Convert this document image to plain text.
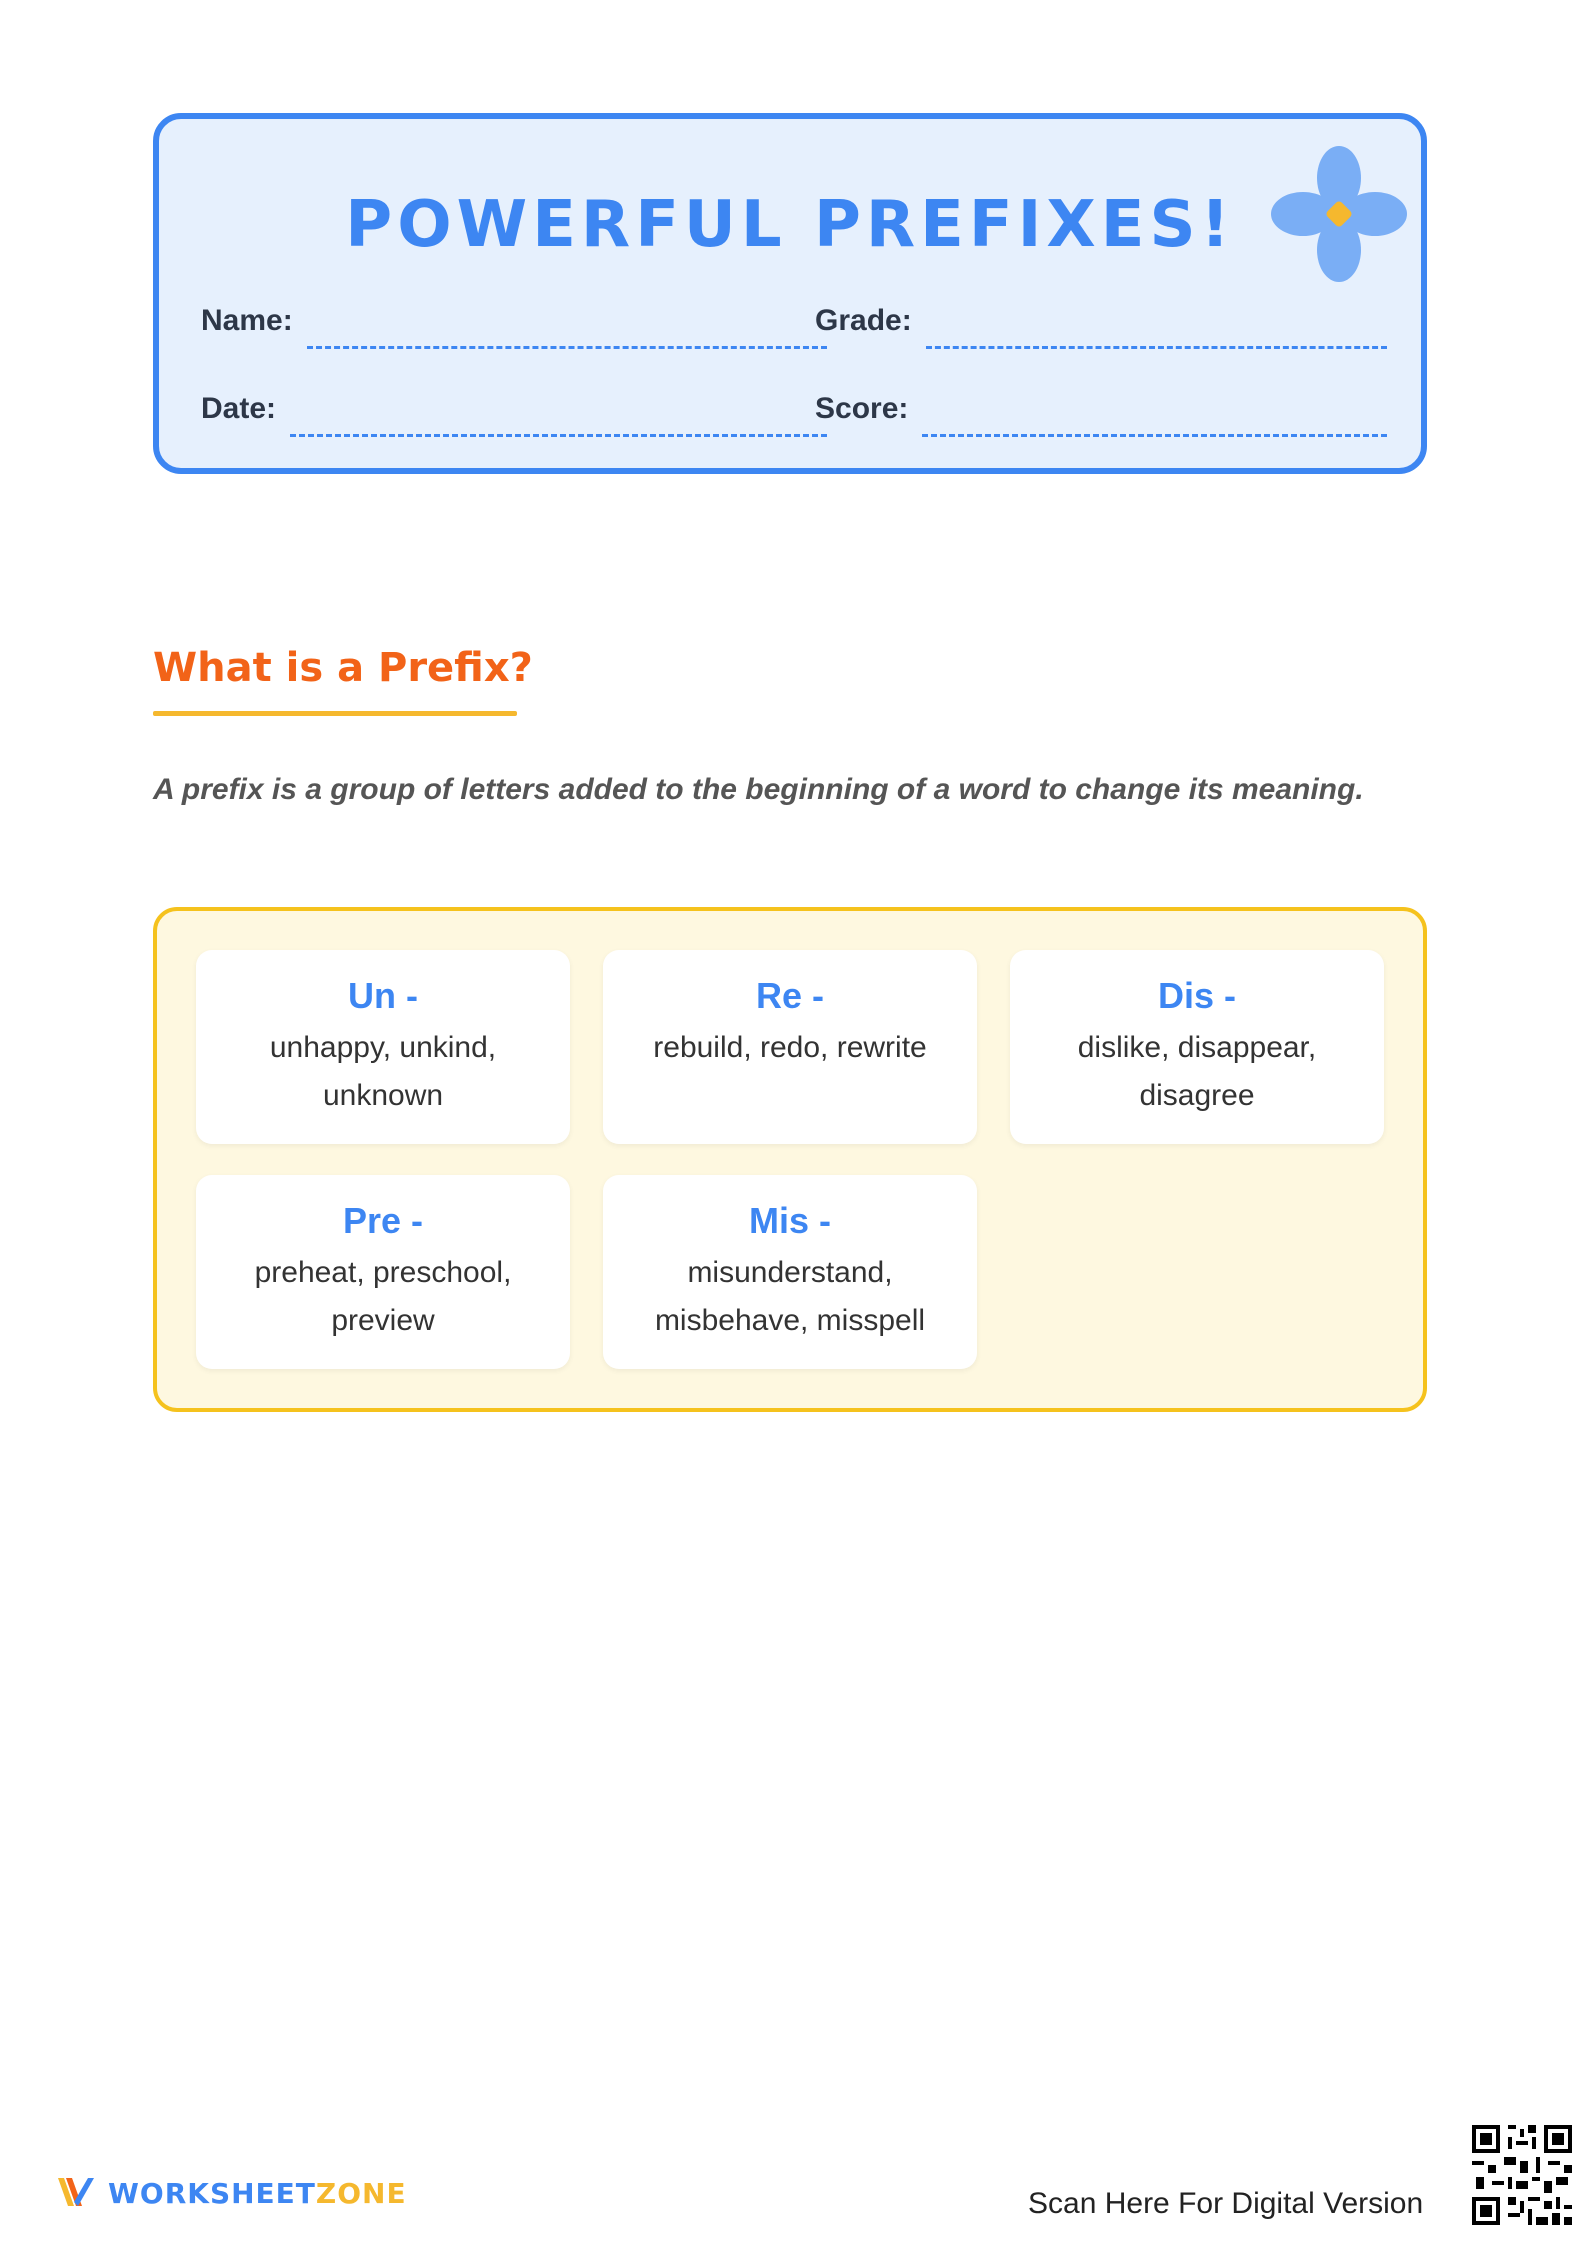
POWERFUL PREFIXES!
Name:	Grade:
Date:	Score:
What is a Prefix?
A prefix is a group of letters added to the beginning of a word to change its meaning.
Un -
unhappy, unkind, unknown
Re -
rebuild, redo, rewrite
Dis -
dislike, disappear, disagree
Pre -
preheat, preschool, preview
Mis -
misunderstand, misbehave, misspell
WORKSHEETZONE	Scan Here For Digital Version
